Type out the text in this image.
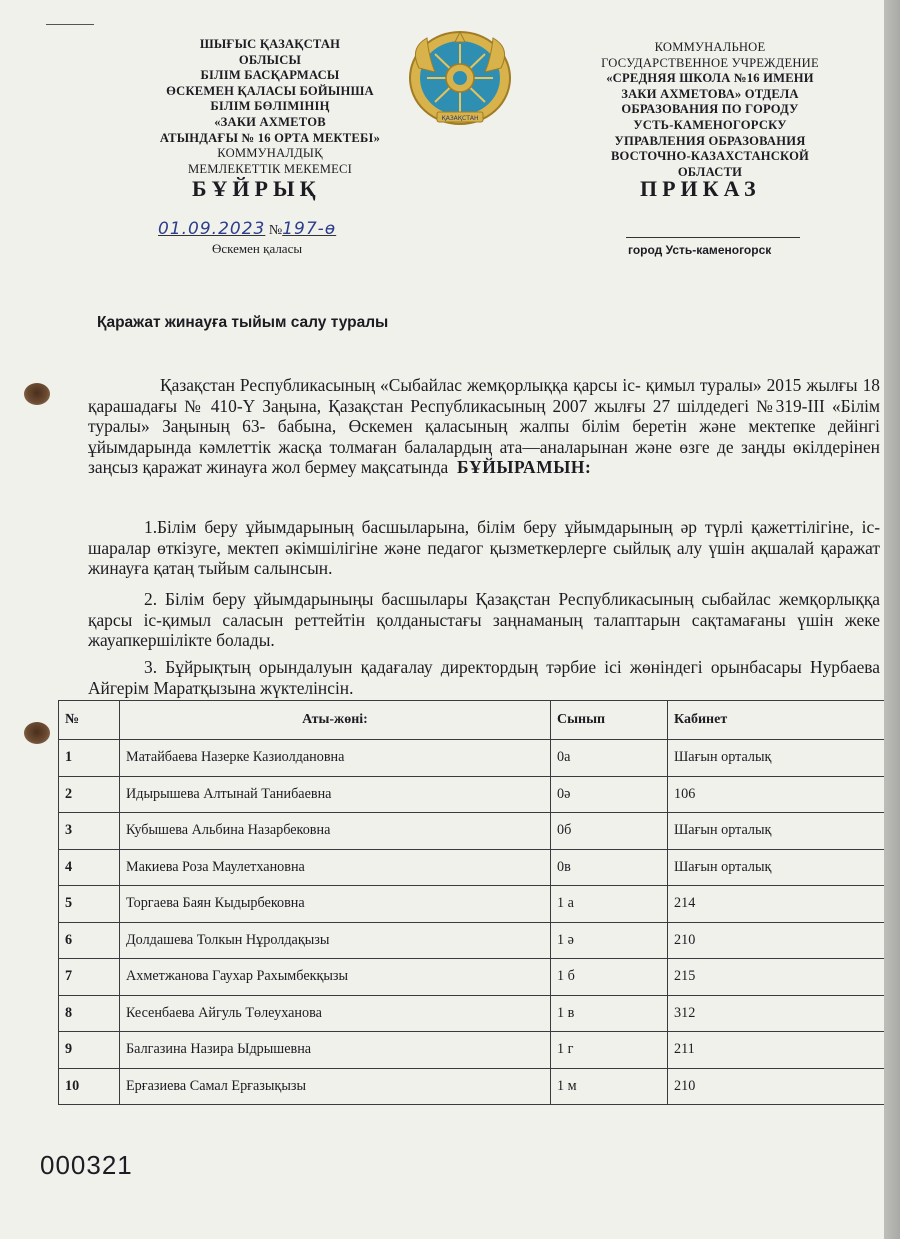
ШЫҒЫС ҚАЗАҚСТАН
ОБЛЫСЫ
БІЛІМ БАСҚАРМАСЫ
ӨСКЕМЕН ҚАЛАСЫ БОЙЫНША
БІЛІМ БӨЛІМІНІҢ
«ЗАКИ АХМЕТОВ
АТЫНДАҒЫ № 16 ОРТА МЕКТЕБІ»
КОММУНАЛДЫҚ
МЕМЛЕКЕТТІК МЕКЕМЕСІ
ҚАЗАҚСТАН
КОММУНАЛЬНОЕ
ГОСУДАРСТВЕННОЕ УЧРЕЖДЕНИЕ
«СРЕДНЯЯ ШКОЛА №16 ИМЕНИ
ЗАКИ АХМЕТОВА» ОТДЕЛА
ОБРАЗОВАНИЯ ПО ГОРОДУ
УСТЬ-КАМЕНОГОРСКУ
УПРАВЛЕНИЯ ОБРАЗОВАНИЯ
ВОСТОЧНО-КАЗАХСТАНСКОЙ
ОБЛАСТИ
БҰЙРЫҚ	ПРИКАЗ
01.09.2023 №197-ө
Өскемен қаласы	город Усть-каменогорск
Қаражат жинауға тыйым салу туралы
Қазақстан Республикасының «Сыбайлас жемқорлыққа қарсы іс- қимыл туралы» 2015 жылғы 18 қарашадағы № 410-Ү Заңына, Қазақстан Республикасының 2007 жылғы 27 шілдедегі №319-ІІІ «Білім туралы» Заңының 63- бабына, Өскемен қаласының жалпы білім беретін және мектепке дейінгі ұйымдарында кәмлеттік жасқа толмаған балалардың ата—аналарынан және өзге де заңды өкілдерінен заңсыз қаражат жинауға жол бермеу мақсатында БҰЙЫРАМЫН:
1.Білім беру ұйымдарының басшыларына, білім беру ұйымдарының әр түрлі қажеттілігіне, іс-шаралар өткізуге, мектеп әкімшілігіне және педагог қызметкерлерге сыйлық алу үшін ақшалай қаражат жинауға қатаң тыйым салынсын.
2. Білім беру ұйымдарыныңы басшылары Қазақстан Республикасының сыбайлас жемқорлыққа қарсы іс-қимыл саласын реттейтін қолданыстағы заңнаманың талаптарын сақтамағаны үшін жеке жауапкершілікте болады.
3. Бұйрықтың орындалуын қадағалау директордың тәрбие ісі жөніндегі орынбасары Нурбаева Айгерім Маратқызына жүктелінсін.
№	Аты-жөні:	Сынып	Кабинет
1	Матайбаева Назерке Казиолдановна	0а	Шағын орталық
2	Идырышева Алтынай Танибаевна	0ә	106
3	Кубышева Альбина Назарбековна	0б	Шағын орталық
4	Макиева Роза Маулетхановна	0в	Шағын орталық
5	Торгаева Баян Кыдырбековна	1 а	214
6	Долдашева Толкын Нұролдақызы	1 ә	210
7	Ахметжанова Гаухар Рахымбекқызы	1 б	215
8	Кесенбаева Айгуль Төлеуханова	1 в	312
9	Балгазина Назира Ыдрышевна	1 г	211
10	Ерғазиева Самал Ерғазықызы	1 м	210
000321
